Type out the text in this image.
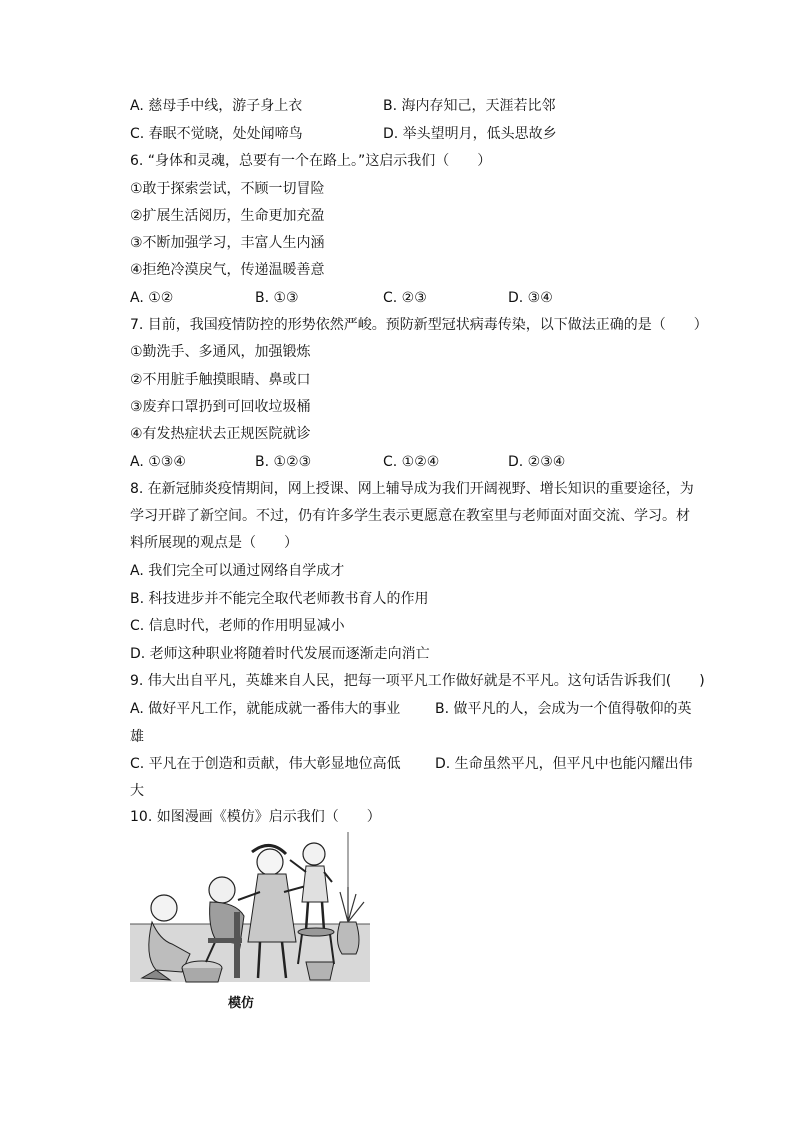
A. 慈母手中线，游子身上衣	B. 海内存知己，天涯若比邻
C. 春眠不觉晓，处处闻啼鸟	D. 举头望明月，低头思故乡
6. “身体和灵魂，总要有一个在路上。”这启示我们（　　）
①敢于探索尝试，不顾一切冒险
②扩展生活阅历，生命更加充盈
③不断加强学习，丰富人生内涵
④拒绝冷漠戾气，传递温暖善意
A. ①②	B. ①③	C. ②③	D. ③④
7. 目前，我国疫情防控的形势依然严峻。预防新型冠状病毒传染，以下做法正确的是（　　）
①勤洗手、多通风，加强锻炼
②不用脏手触摸眼睛、鼻或口
③废弃口罩扔到可回收垃圾桶
④有发热症状去正规医院就诊
A. ①③④	B. ①②③	C. ①②④	D. ②③④
8. 在新冠肺炎疫情期间，网上授课、网上辅导成为我们开阔视野、增长知识的重要途径，为
学习开辟了新空间。不过，仍有许多学生表示更愿意在教室里与老师面对面交流、学习。材
料所展现的观点是（　　）
A. 我们完全可以通过网络自学成才
B. 科技进步并不能完全取代老师教书育人的作用
C. 信息时代，老师的作用明显减小
D. 老师这种职业将随着时代发展而逐渐走向消亡
9. 伟大出自平凡，英雄来自人民，把每一项平凡工作做好就是不平凡。这句话告诉我们(　　)
A. 做好平凡工作，就能成就一番伟大的事业 B. 做平凡的人，会成为一个值得敬仰的英
雄
C. 平凡在于创造和贡献，伟大彰显地位高低 D. 生命虽然平凡，但平凡中也能闪耀出伟
大
10. 如图漫画《模仿》启示我们（　　）
模仿
